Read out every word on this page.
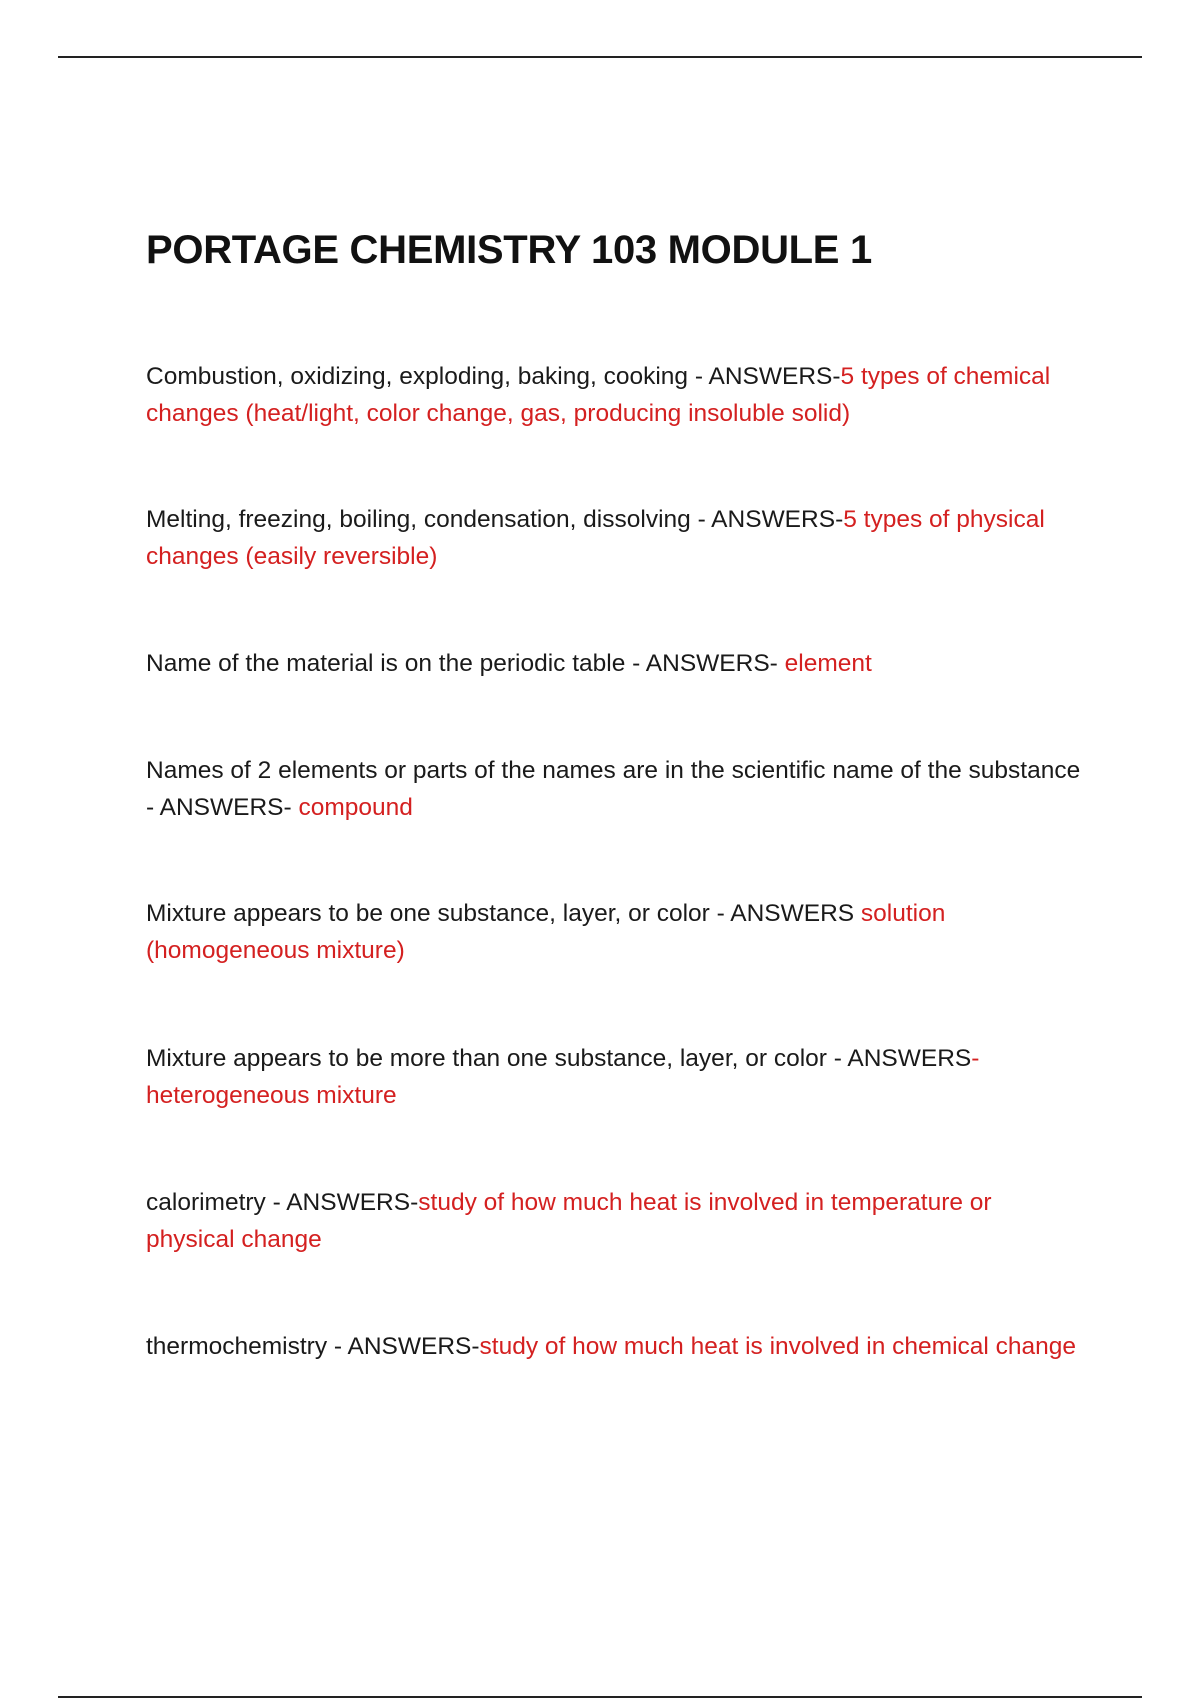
PORTAGE CHEMISTRY 103 MODULE 1

Combustion, oxidizing, exploding, baking, cooking - ANSWERS-5 types of chemical changes (heat/light, color change, gas, producing insoluble solid)

Melting, freezing, boiling, condensation, dissolving - ANSWERS-5 types of physical changes (easily reversible)

Name of the material is on the periodic table - ANSWERS- element

Names of 2 elements or parts of the names are in the scientific name of the substance - ANSWERS- compound

Mixture appears to be one substance, layer, or color - ANSWERS solution (homogeneous mixture)

Mixture appears to be more than one substance, layer, or color - ANSWERS-heterogeneous mixture

calorimetry - ANSWERS-study of how much heat is involved in temperature or physical change

thermochemistry - ANSWERS-study of how much heat is involved in chemical change
